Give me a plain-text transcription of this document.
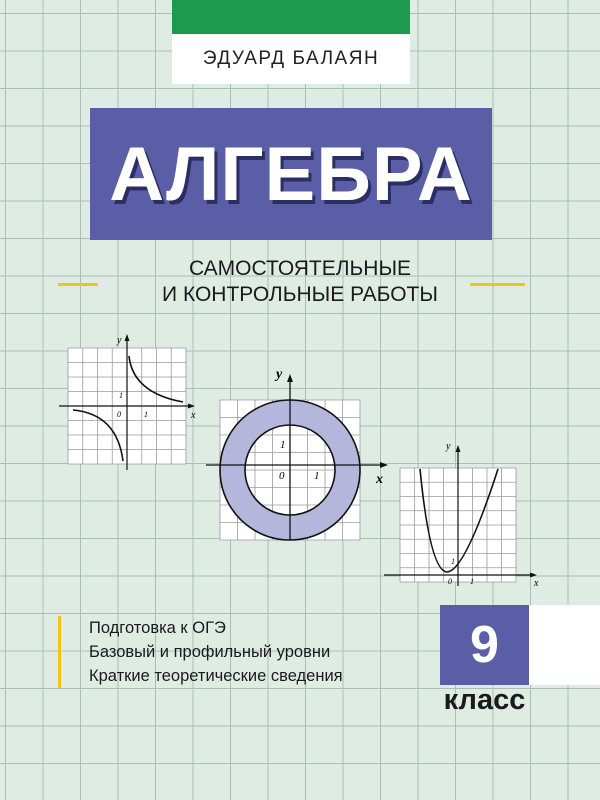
ЭДУАРД БАЛАЯН
АЛГЕБРА
САМОСТОЯТЕЛЬНЫЕ
И КОНТРОЛЬНЫЕ РАБОТЫ
y
x
0	1
1
y
x
0	1
1	y
x
0 1
1
Подготовка к ОГЭ
Базовый и профильный уровни
Краткие теоретические сведения
9
класс
